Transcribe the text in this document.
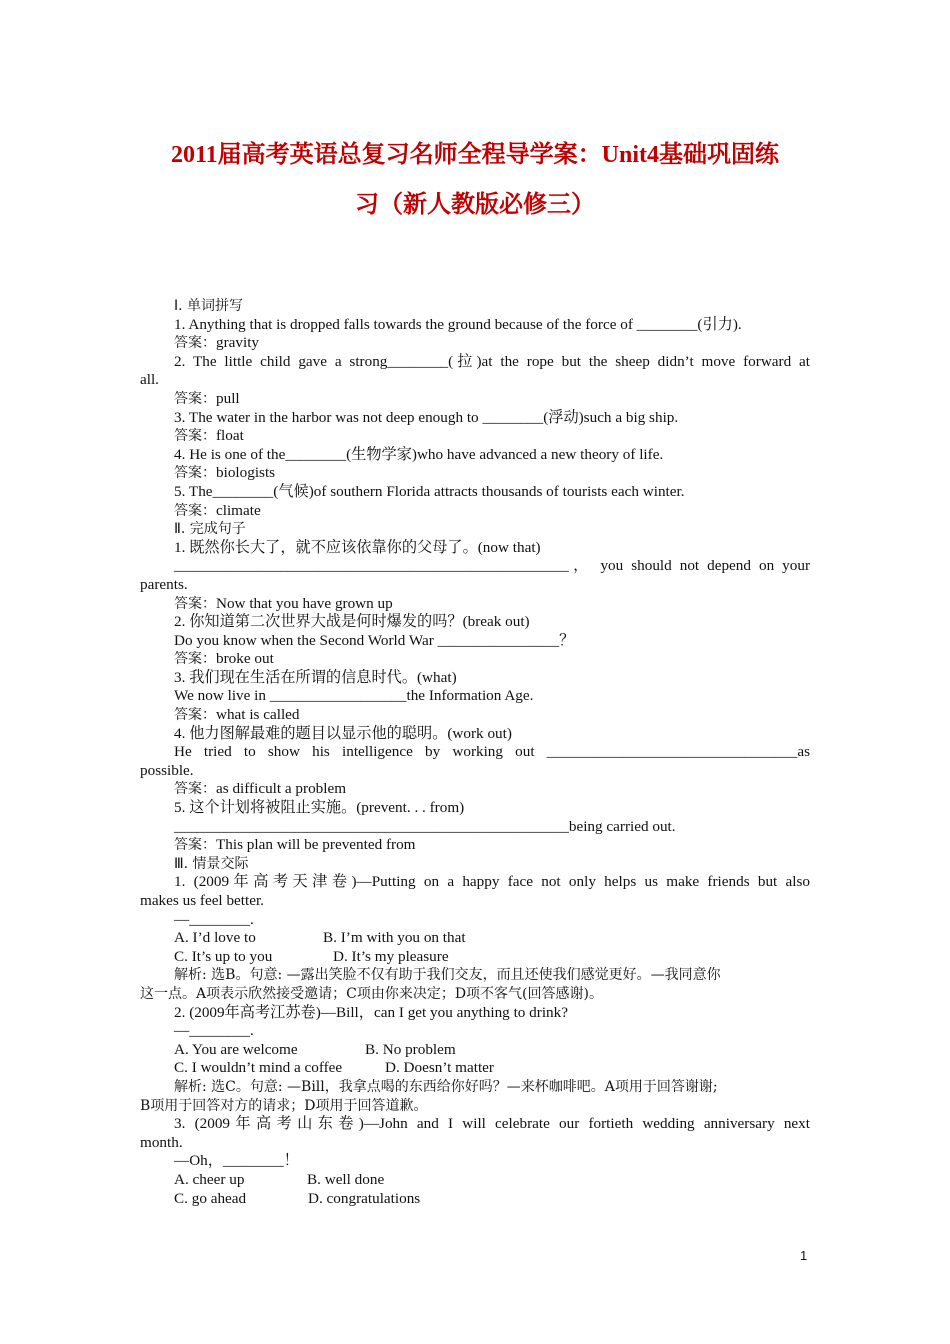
2011届高考英语总复习名师全程导学案：Unit4基础巩固练
习（新人教版必修三）
Ⅰ. 单词拼写
1. Anything that is dropped falls towards the ground because of the force of ________(引力).
答案：gravity
2. The little child gave a strong________(拉)at the rope but the sheep didn’t move forward at
all.
答案：pull
3. The water in the harbor was not deep enough to ________(浮动)such a big ship.
答案：float
4. He is one of the________(生物学家)who have advanced a new theory of life.
答案：biologists
5. The________(气候)of southern Florida attracts thousands of tourists each winter.
答案：climate
Ⅱ. 完成句子
1. 既然你长大了，就不应该依靠你的父母了。(now that)
____________________________________________________， you should not depend on your
parents.
答案：Now that you have grown up
2. 你知道第二次世界大战是何时爆发的吗？(break out)
Do you know when the Second World War ________________？
答案：broke out
3. 我们现在生活在所谓的信息时代。(what)
We now live in __________________the Information Age.
答案：what is called
4. 他力图解最难的题目以显示他的聪明。(work out)
He tried to show his intelligence by working out _________________________________as
possible.
答案：as difficult a problem
5. 这个计划将被阻止实施。(prevent. . . from)
____________________________________________________being carried out.
答案：This plan will be prevented from
Ⅲ. 情景交际
1. (2009年高考天津卷)—Putting on a happy face not only helps us make friends but also
makes us feel better.
—________.
A. I’d love to	B. I’m with you on that
C. It’s up to you	D. It’s my pleasure
解析: 选B。句意: —露出笑脸不仅有助于我们交友，而且还使我们感觉更好。—我同意你
这一点。A项表示欣然接受邀请；C项由你来决定；D项不客气(回答感谢)。
2. (2009年高考江苏卷)—Bill，can I get you anything to drink?
—________.
A. You are welcome	B. No problem
C. I wouldn’t mind a coffee	D. Doesn’t matter
解析: 选C。句意: —Bill，我拿点喝的东西给你好吗？—来杯咖啡吧。A项用于回答谢谢;
B项用于回答对方的请求；D项用于回答道歉。
3. (2009年高考山东卷)—John and I will celebrate our fortieth wedding anniversary next
month.
—Oh，________！
A. cheer up	B. well done
C. go ahead	D. congratulations
1
